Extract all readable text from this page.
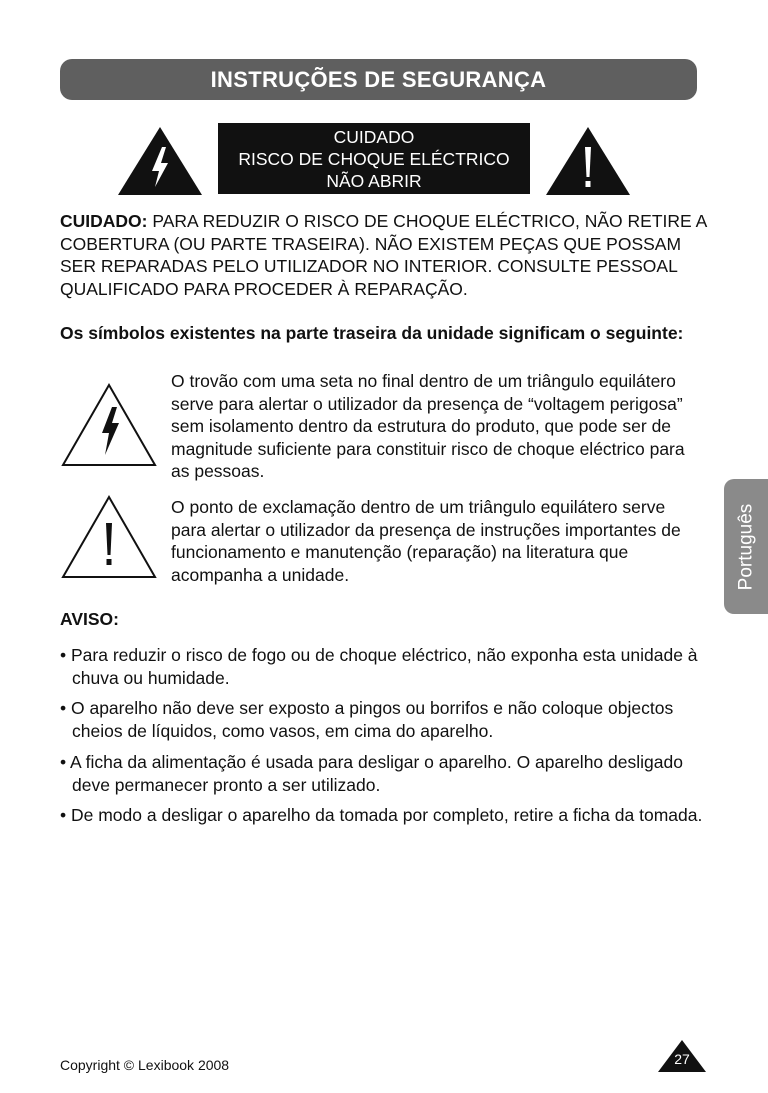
INSTRUÇÕES DE SEGURANÇA
CUIDADO
RISCO DE CHOQUE ELÉCTRICO
NÃO ABRIR
CUIDADO: PARA REDUZIR O RISCO DE CHOQUE ELÉCTRICO, NÃO RETIRE A COBERTURA (OU PARTE TRASEIRA). NÃO EXISTEM PEÇAS QUE POSSAM SER REPARADAS PELO UTILIZADOR NO INTERIOR. CONSULTE PESSOAL QUALIFICADO PARA PROCEDER À REPARAÇÃO.
Os símbolos existentes na parte traseira da unidade significam o seguinte:
O trovão com uma seta no final dentro de um triângulo equilátero serve para alertar o utilizador da presença de “voltagem perigosa” sem isolamento dentro da estrutura do produto, que pode ser de magnitude suficiente para constituir risco de choque eléctrico para as pessoas.
O ponto de exclamação dentro de um triângulo equilátero serve para alertar o utilizador da presença de instruções importantes de funcionamento e manutenção (reparação) na literatura que acompanha a unidade.
AVISO:
• Para reduzir o risco de fogo ou de choque eléctrico, não exponha esta unidade à chuva ou humidade.
• O aparelho não deve ser exposto a pingos ou borrifos e não coloque objectos cheios de líquidos, como vasos, em cima do aparelho.
• A ficha da alimentação é usada para desligar o aparelho. O aparelho desligado deve permanecer pronto a ser utilizado.
• De modo a desligar o aparelho da tomada por completo, retire a ficha da tomada.
Português
Copyright © Lexibook 2008	27
